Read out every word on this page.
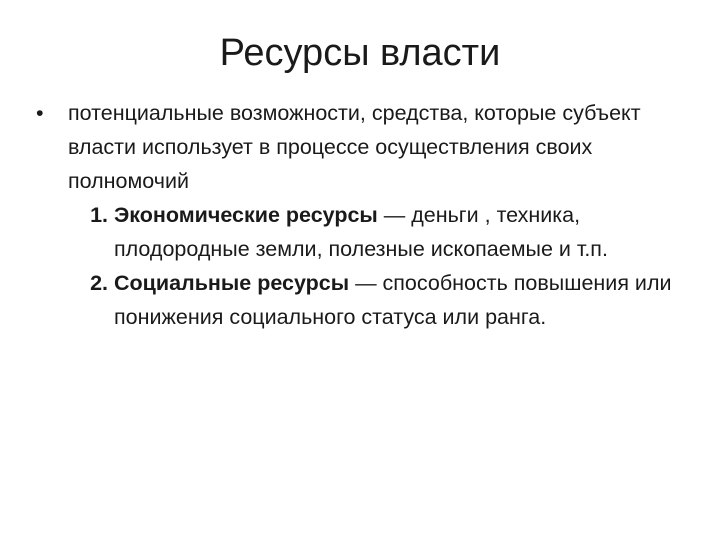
Ресурсы власти
•	потенциальные возможности, средства, которые субъект власти использует в процессе осуществления своих полномочий
1. Экономические ресурсы — деньги , техника, плодородные земли, полезные ископаемые и т.п.
2. Социальные ресурсы — способность повышения или понижения социального статуса или ранга.
